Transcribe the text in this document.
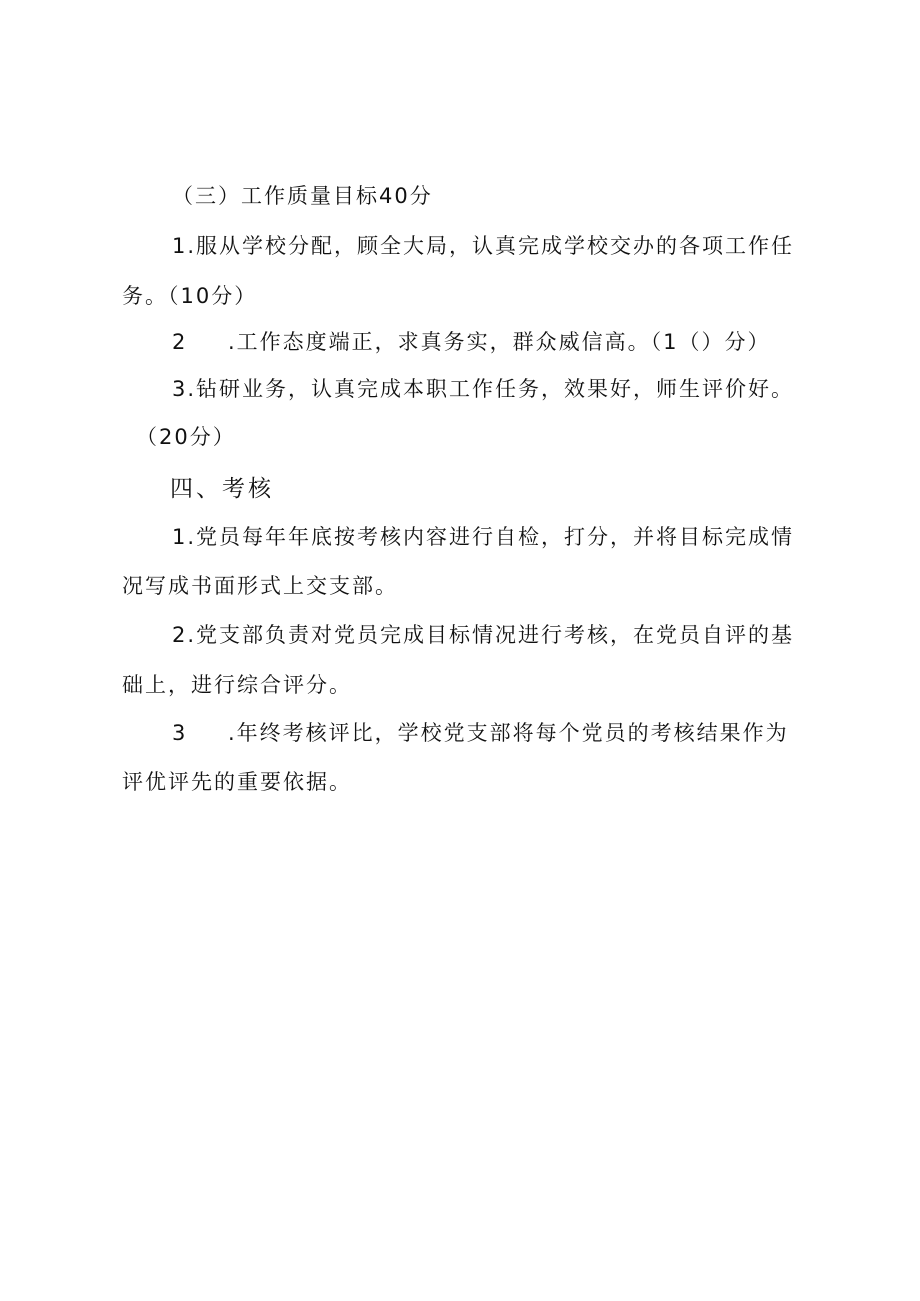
（三）工作质量目标40分
1.服从学校分配，顾全大局，认真完成学校交办的各项工作任
务。（10分）
2 .工作态度端正，求真务实，群众威信高。（1（）分）
3.钻研业务，认真完成本职工作任务，效果好，师生评价好。
（20分）
四、考核
1.党员每年年底按考核内容进行自检，打分，并将目标完成情
况写成书面形式上交支部。
2.党支部负责对党员完成目标情况进行考核，在党员自评的基
础上，进行综合评分。
3 .年终考核评比，学校党支部将每个党员的考核结果作为
评优评先的重要依据。
